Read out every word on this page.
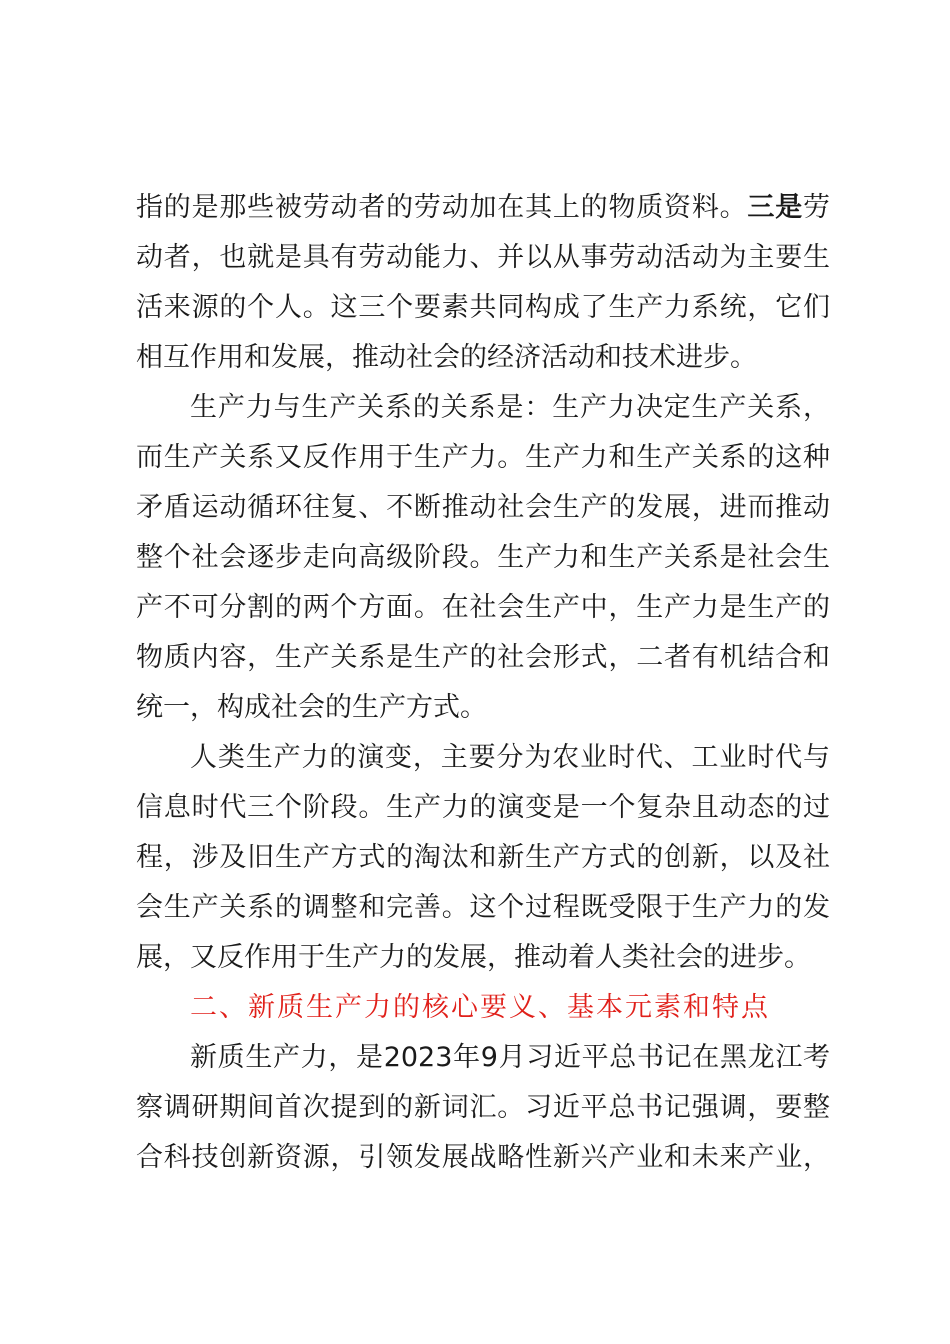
指的是那些被劳动者的劳动加在其上的物质资料。三是劳
动者，也就是具有劳动能力、并以从事劳动活动为主要生
活来源的个人。这三个要素共同构成了生产力系统，它们
相互作用和发展，推动社会的经济活动和技术进步。
生产力与生产关系的关系是：生产力决定生产关系，
而生产关系又反作用于生产力。生产力和生产关系的这种
矛盾运动循环往复、不断推动社会生产的发展，进而推动
整个社会逐步走向高级阶段。生产力和生产关系是社会生
产不可分割的两个方面。在社会生产中，生产力是生产的
物质内容，生产关系是生产的社会形式，二者有机结合和
统一，构成社会的生产方式。
人类生产力的演变，主要分为农业时代、工业时代与
信息时代三个阶段。生产力的演变是一个复杂且动态的过
程，涉及旧生产方式的淘汰和新生产方式的创新，以及社
会生产关系的调整和完善。这个过程既受限于生产力的发
展，又反作用于生产力的发展，推动着人类社会的进步。
二、新质生产力的核心要义、基本元素和特点
新质生产力，是2023年9月习近平总书记在黑龙江考
察调研期间首次提到的新词汇。习近平总书记强调，要整
合科技创新资源，引领发展战略性新兴产业和未来产业，
